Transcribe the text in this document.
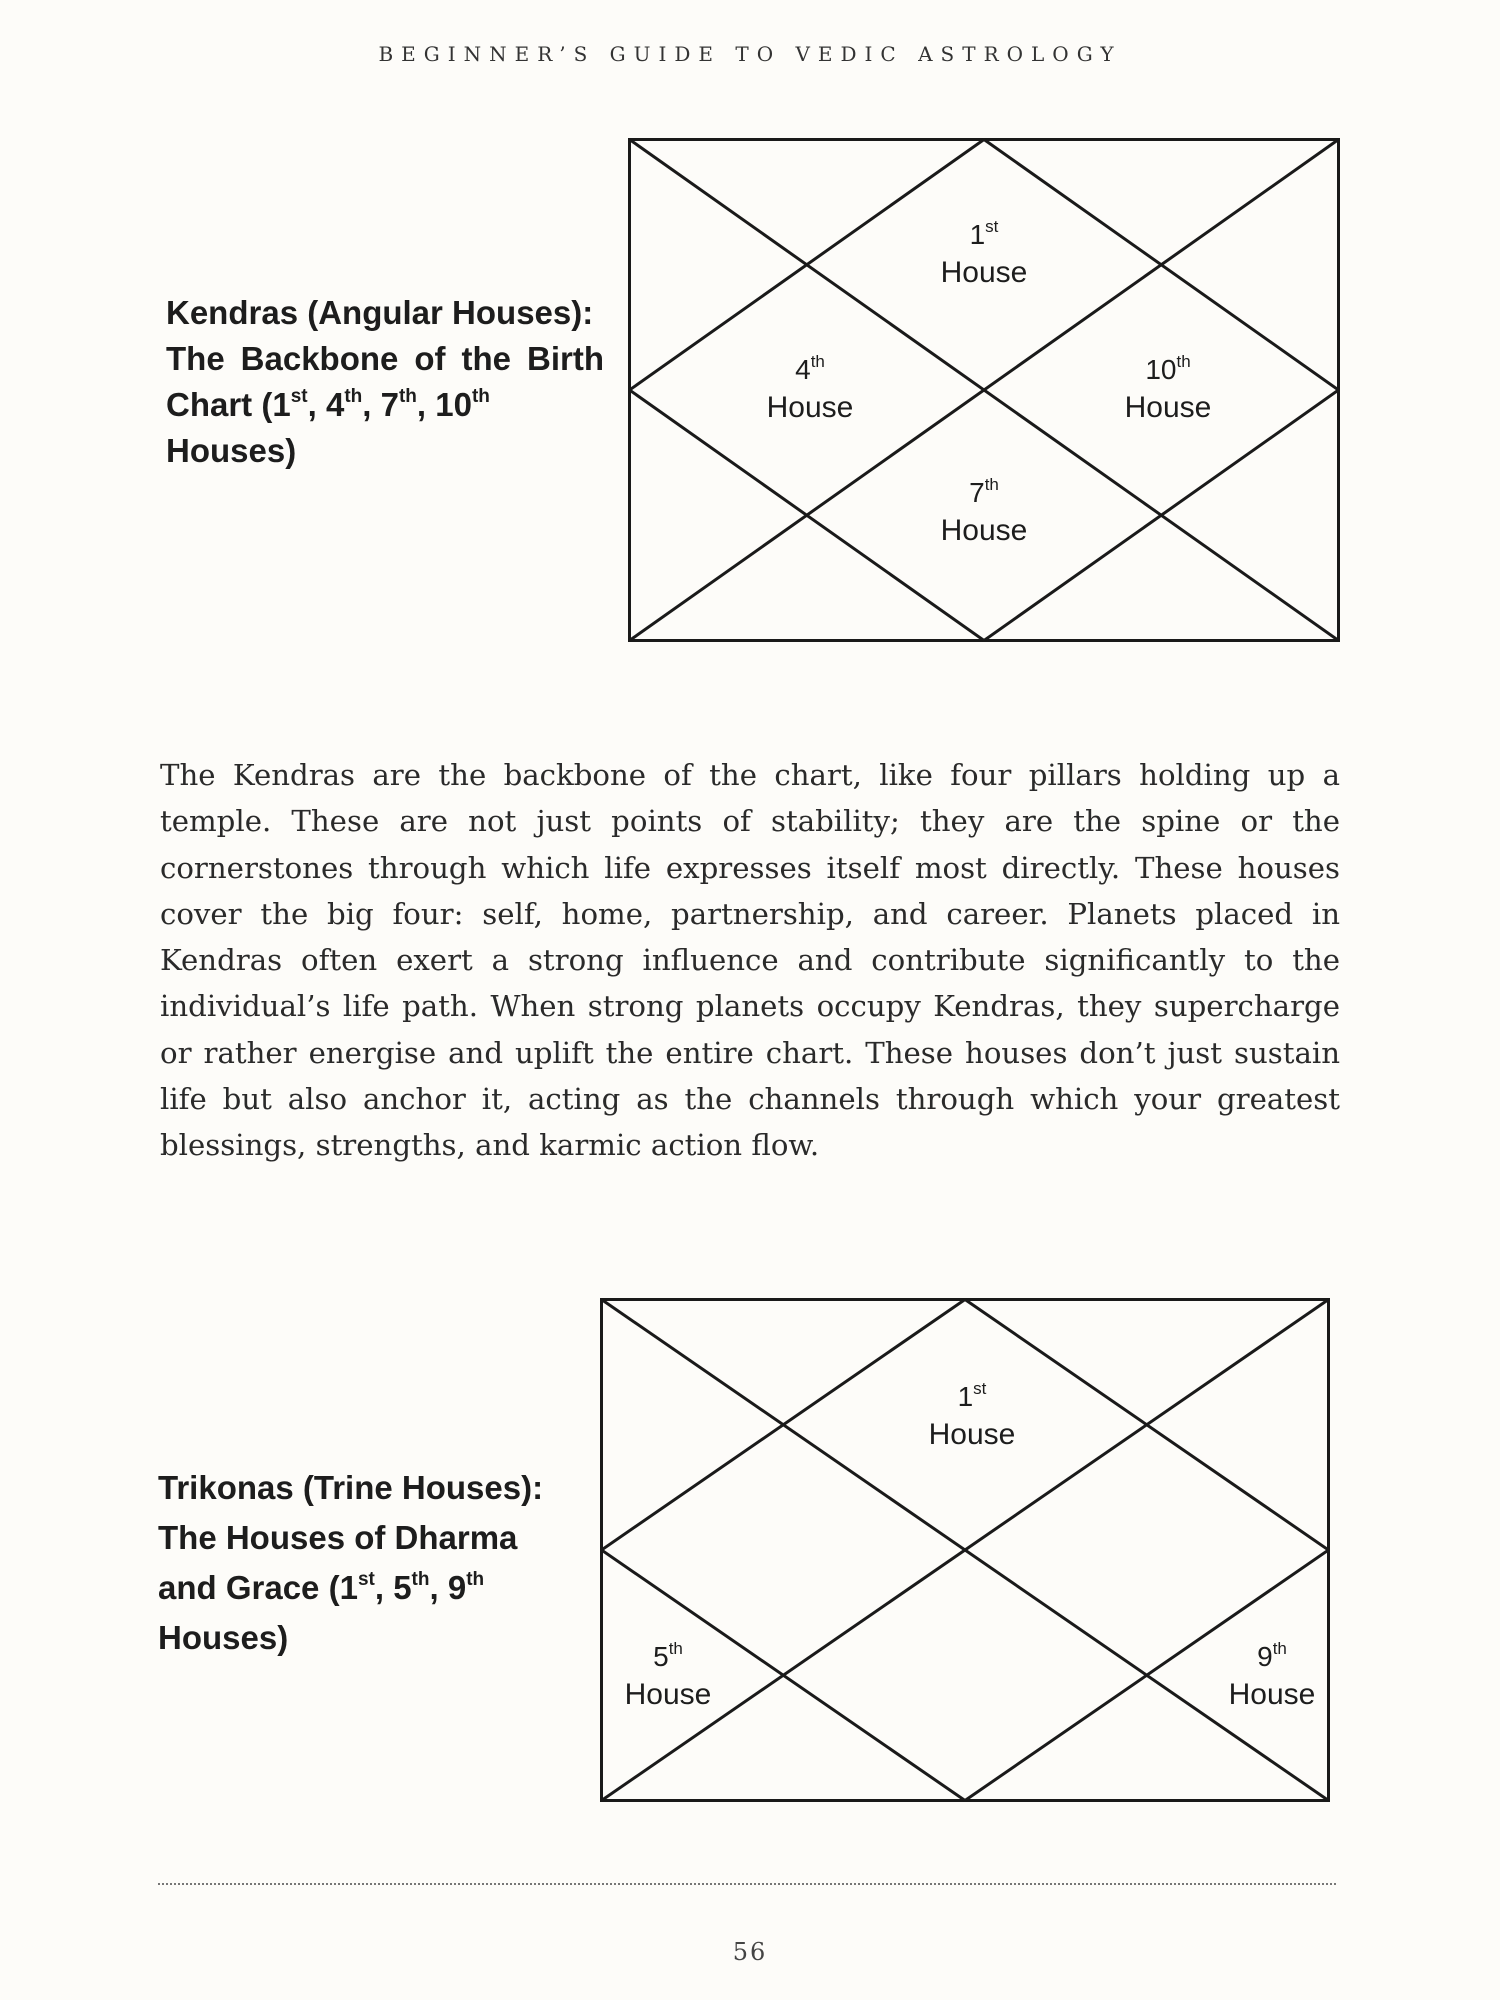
BEGINNER’S GUIDE TO VEDIC ASTROLOGY
Kendras (Angular Houses):
The Backbone of the Birth Chart (1st, 4th, 7th, 10th
Houses)
1st
House
4th
House
10th
House
7th
House

The Kendras are the backbone of the chart, like four pillars holding up a temple. These are not just points of stability; they are the spine or the cornerstones through which life expresses itself most directly. These houses cover the big four: self, home, partnership, and career. Planets placed in Kendras often exert a strong influence and contribute significantly to the individual’s life path. When strong planets occupy Kendras, they supercharge or rather energise and uplift the entire chart. These houses don’t just sustain life but also anchor it, acting as the channels through which your greatest blessings, strengths, and karmic action flow.

Trikonas (Trine Houses):
The Houses of Dharma
and Grace (1st, 5th, 9th
Houses)
1st
House
5th
House
9th
House
56
